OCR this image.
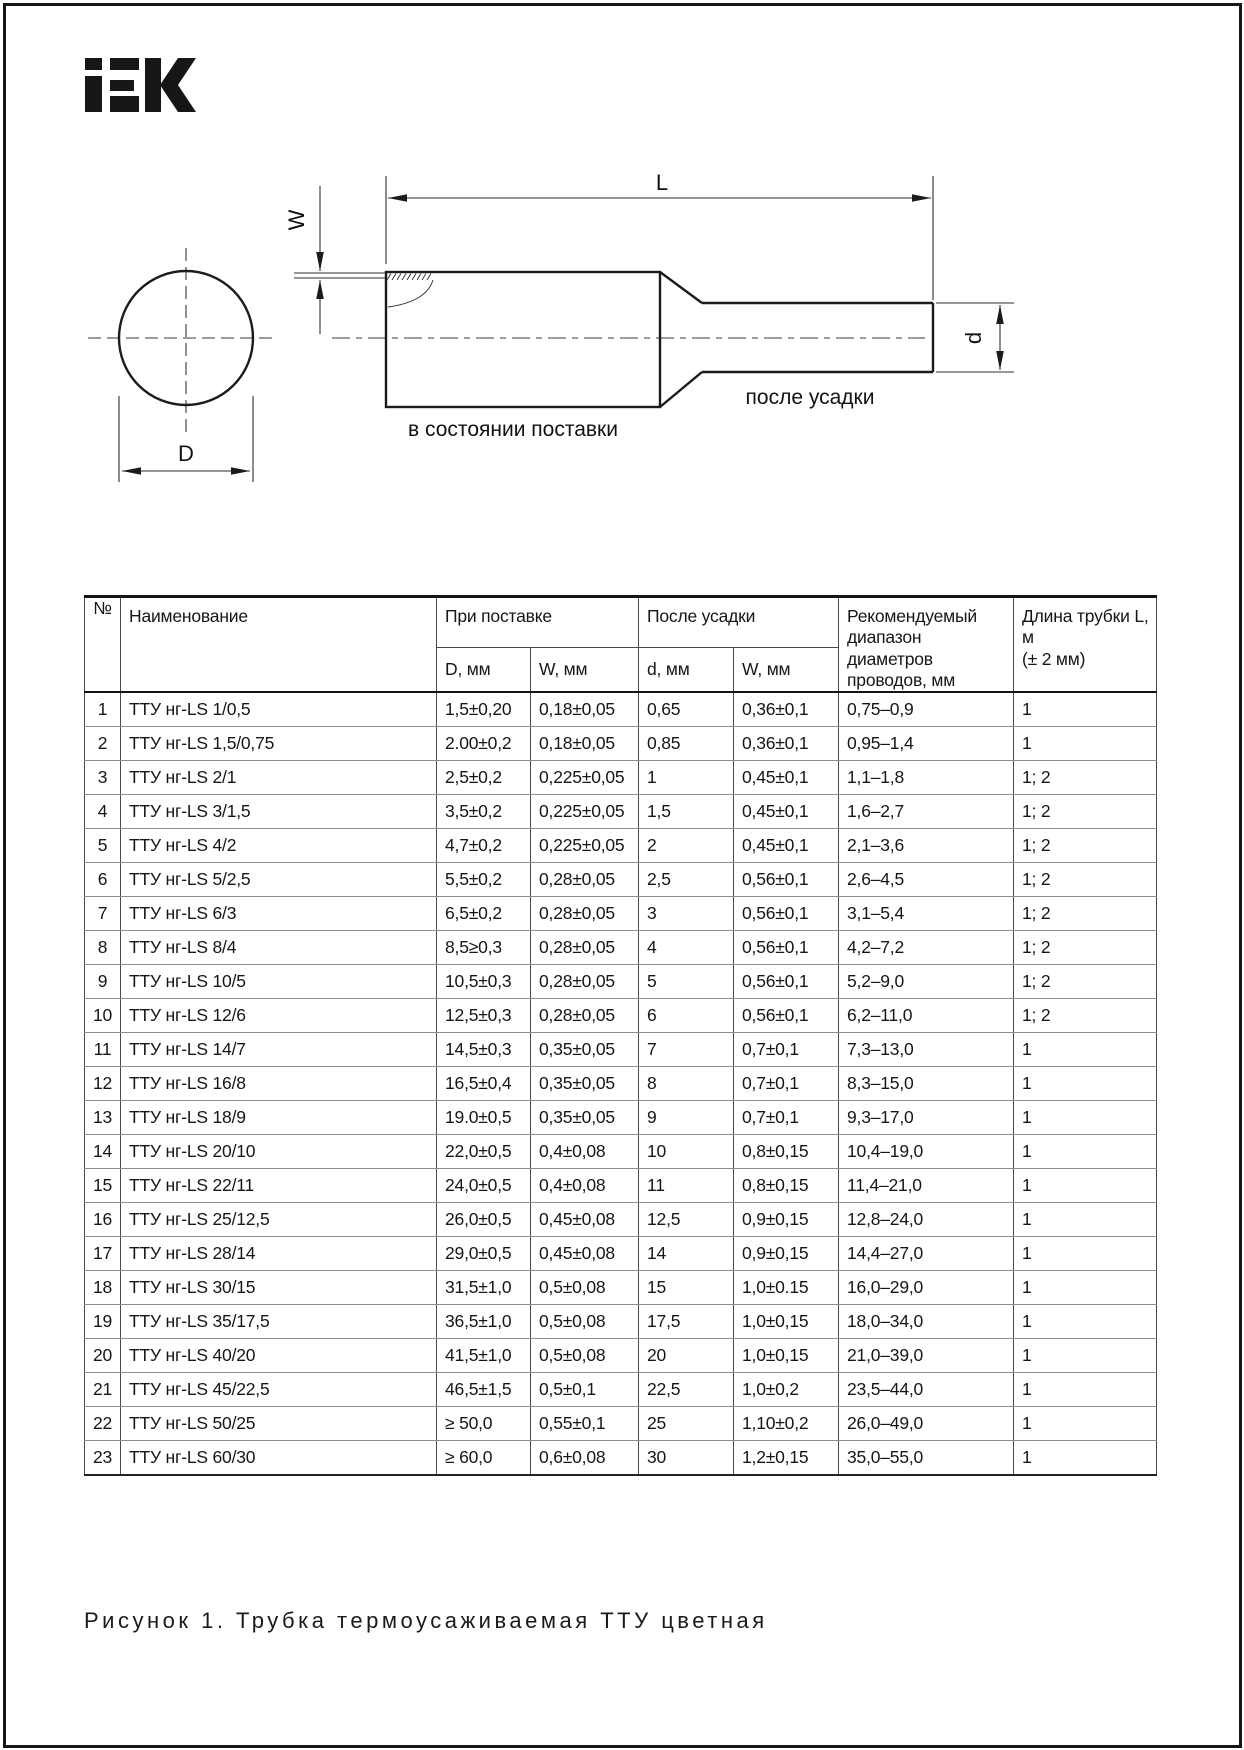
D
W
L
в состоянии поставки
после усадки
d
№	Наименование	При поставке		После усадки		Рекомендуемый диапазон диаметров проводов, мм	Длина трубки L, м
(± 2 мм)

		D, мм	W, мм	d, мм	W, мм		
1	ТТУ нг-LS 1/0,5	1,5±0,20	0,18±0,05	0,65	0,36±0,1	0,75–0,9	1
2	ТТУ нг-LS 1,5/0,75	2.00±0,2	0,18±0,05	0,85	0,36±0,1	0,95–1,4	1
3	ТТУ нг-LS 2/1	2,5±0,2	0,225±0,05	1	0,45±0,1	1,1–1,8	1; 2
4	ТТУ нг-LS 3/1,5	3,5±0,2	0,225±0,05	1,5	0,45±0,1	1,6–2,7	1; 2
5	ТТУ нг-LS 4/2	4,7±0,2	0,225±0,05	2	0,45±0,1	2,1–3,6	1; 2
6	ТТУ нг-LS 5/2,5	5,5±0,2	0,28±0,05	2,5	0,56±0,1	2,6–4,5	1; 2
7	ТТУ нг-LS 6/3	6,5±0,2	0,28±0,05	3	0,56±0,1	3,1–5,4	1; 2
8	ТТУ нг-LS 8/4	8,5≥0,3	0,28±0,05	4	0,56±0,1	4,2–7,2	1; 2
9	ТТУ нг-LS 10/5	10,5±0,3	0,28±0,05	5	0,56±0,1	5,2–9,0	1; 2
10	ТТУ нг-LS 12/6	12,5±0,3	0,28±0,05	6	0,56±0,1	6,2–11,0	1; 2
11	ТТУ нг-LS 14/7	14,5±0,3	0,35±0,05	7	0,7±0,1	7,3–13,0	1
12	ТТУ нг-LS 16/8	16,5±0,4	0,35±0,05	8	0,7±0,1	8,3–15,0	1
13	ТТУ нг-LS 18/9	19.0±0,5	0,35±0,05	9	0,7±0,1	9,3–17,0	1
14	ТТУ нг-LS 20/10	22,0±0,5	0,4±0,08	10	0,8±0,15	10,4–19,0	1
15	ТТУ нг-LS 22/11	24,0±0,5	0,4±0,08	11	0,8±0,15	11,4–21,0	1
16	ТТУ нг-LS 25/12,5	26,0±0,5	0,45±0,08	12,5	0,9±0,15	12,8–24,0	1
17	ТТУ нг-LS 28/14	29,0±0,5	0,45±0,08	14	0,9±0,15	14,4–27,0	1
18	ТТУ нг-LS 30/15	31,5±1,0	0,5±0,08	15	1,0±0.15	16,0–29,0	1
19	ТТУ нг-LS 35/17,5	36,5±1,0	0,5±0,08	17,5	1,0±0,15	18,0–34,0	1
20	ТТУ нг-LS 40/20	41,5±1,0	0,5±0,08	20	1,0±0,15	21,0–39,0	1
21	ТТУ нг-LS 45/22,5	46,5±1,5	0,5±0,1	22,5	1,0±0,2	23,5–44,0	1
22	ТТУ нг-LS 50/25	≥ 50,0	0,55±0,1	25	1,10±0,2	26,0–49,0	1
23	ТТУ нг-LS 60/30	≥ 60,0	0,6±0,08	30	1,2±0,15	35,0–55,0	1
Рисунок 1. Трубка термоусаживаемая ТТУ цветная
